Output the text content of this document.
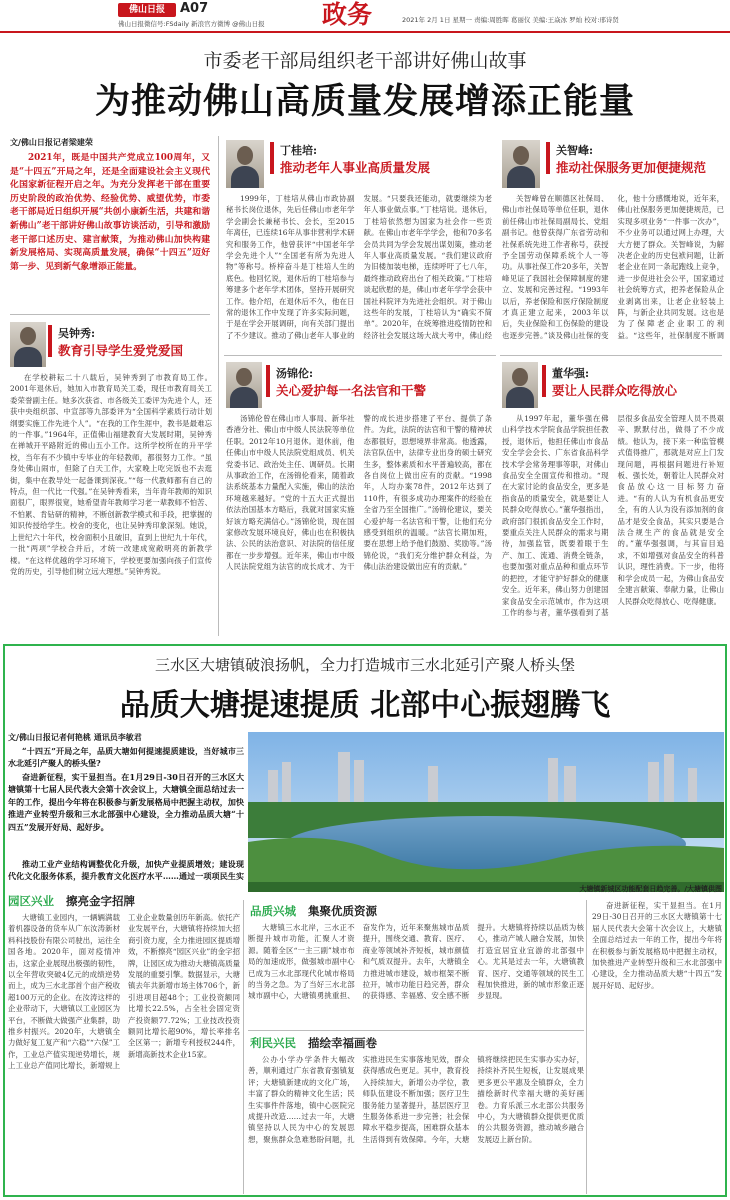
佛山日报	A07
佛山日报微信号:FSdaily 新浪官方微博 @佛山日报 政务	2021年 2月 1日 星期一 责编:周胜晖 葛丽仪 美编:王焱冰 罗灿 校对:邢诗贤
市委老干部局组织老干部讲好佛山故事
为推动佛山高质量发展增添正能量
文/佛山日报记者梁建荣
2021年，既是中国共产党成立100周年，又是“十四五”开局之年，还是全面建设社会主义现代化国家新征程开启之年。为充分发挥老干部在重要历史阶段的政治优势、经验优势、威望优势，市委老干部局近日组织开展“共创小康新生活，共建和谐新佛山”老干部讲好佛山故事访谈活动，引导和激励老干部口述历史、建言献策，为推动佛山加快构建新发展格局、实现高质量发展，确保“十四五”迈好第一步、见到新气象增添正能量。
吴钟秀:
教育引导学生爱党爱国
在学校耕耘二十八载后，吴钟秀到了市教育局工作。2001年退休后，她加入市教育局关工委，现任市教育局关工委荣誉副主任。她多次获省、市各级关工委评为先进个人，还获中央组织部、中宣部等九部委评为“全国科学素质行动计划纲要实施工作先进个人”。“在我的工作生涯中，教书是最难忘的一件事。”1964年，正值佛山福建教育大发展时期，吴钟秀在禅城开平路附近的佛山五小工作。这所学校所在的升平学校，当年有不少镇中专毕业的年轻教师，都很努力工作。“虽身处佛山闹市，但除了白天工作，大家晚上吃完饭也不去逛街，集中在教导处一起备课到深夜。”“每一代教师都有自己的特点，但一代比一代强。”在吴钟秀看来，当年青年教师的知识面很广，眼界很宽，她希望青年教师学习老一辈教师不怕苦、不怕累、肯钻研的精神，不断创新教学模式和手段，把掌握的知识传授给学生。校舍的变化，也让吴钟秀印象深刻。她说，上世纪六十年代，校舍面积小且破旧，直到上世纪九十年代，一批“两项”学校合并后，才统一改建成宽敞明亮的新教学楼。“在这样优越的学习环境下，学校更要加强向孩子们宣传党的历史，引导他们树立远大理想。”吴钟秀说。
丁桂培:
推动老年人事业高质量发展
1999年，丁桂培从佛山市政协副秘书长岗位退休，先后任佛山市老年学学会副会长兼秘书长、会长，至2015年离任，已连续16年从事非营利学术研究和服务工作，他曾获评“中国老年学学会先进个人”“全国老有所为先进人物”等称号。桥梓奋斗是丁桂培人生的底色。他回忆说，退休后的丁桂培参与筹建多个老年学术团体，坚持开展研究工作。他介绍，在退休后不久，他在日常的退休工作中发现了许多实际问题，于是在学会开展调研，向有关部门提出了不少建议。推动了佛山老年人事业的发展。“只要我还能动，就要继续为老年人事业做点事。”丁桂培说。退休后，丁桂培依然想为国家为社会作一些贡献。在佛山市老年学学会，他和70多名会员共同为学会发展出谋划策，推动老年人事业高质量发展。“我们建议政府为旧楼加装电梯，连续呼吁了七八年，最终推动政府出台了相关政策。”丁桂培谈起欣慰的是，佛山市老年学学会获中国社科院评为先进社会组织。对于佛山这些年的发展，丁桂培认为“确实不简单”。2020年，在统筹推进疫情防控和经济社会发展这场大战大考中，佛山经
关智峰:
推动社保服务更加便捷规范
关智峰曾在顺德区社保局、佛山市社保局等单位任职，退休前任佛山市社保局副局长、党组副书记。他曾获得广东省劳动和社保系统先进工作者称号，获授予全国劳动保障系统个人一等功。从事社保工作20多年，关智峰见证了我国社会保障制度的建立、发展和完善过程。“1993年以后，养老保险和医疗保险制度才真正建立起来，2003年以后，失业保险和工伤保险的建设也逐步完善。”谈及佛山社保的变化，他十分感慨地说，近年来，佛山社保服务更加便捷规范，已实现多项业务“一件事一次办”，不少业务可以通过网上办理，大大方便了群众。关智峰说，为解决老企业的历史包袱问题，让新老企业在同一条起跑线上竞争，进一步促进社会公平，国家通过社会统筹方式，把养老保险从企业剥离出来，让老企业轻装上阵，与新企业共同发展。这也是为了保障老企业职工的利益。“这些年，社保制度不断调
汤锦伦:
关心爱护每一名法官和干警
汤锦伦曾在佛山市人事局、新华社香港分社、佛山市中级人民法院等单位任职。2012年10月退休。退休前，他任佛山市中级人民法院党组成员、机关党委书记、政治处主任、调研员。长期从事政治工作，在汤锦伦看来，随着政法系统基本力量配入实施，佛山的法治环境越来越好。“党的十五大正式提出依法治国基本方略后，我就对国家实施好该方略充满信心。”汤锦伦说，现在国家修改发展环境良好，佛山也在积极执法、公民的法治意识、对法院的信任度都在一步步增强。近年来，佛山市中级人民法院党组为法官的成长成才、为干警的成长进步搭建了平台、提供了条件。为此，法院的法官和干警的精神状态都很好，思想境界非常高。他透露，法官队伍中，法律专业出身的硕士研究生多，整体素质和水平普遍较高，都在各自岗位上做出应有的贡献。“1998年，人均办案78件，2012年达到了110件，有很多成功办理案件的经验在全省乃至全国推广。”汤锦伦建议，要关心爱护每一名法官和干警，让他们充分感受到组织的温暖。“法官长期加班，要在思想上给予他们鼓励、奖励等。”汤锦伦说，“我们充分维护群众利益，为佛山法治建设做出应有的贡献。”
董华强:
要让人民群众吃得放心
从1997年起，董华强在佛山科学技术学院食品学院担任教授，退休后，他担任佛山市食品安全学会会长、广东省食品科学技术学会常务理事等职，对佛山食品安全全面宣传和推动。“现在大家讨论的食品安全，更多是指食品的质量安全，就是要让人民群众吃得放心。”董华强指出，政府部门很抓食品安全工作时，要重点关注人民群众的需求与期待，加强监管，既要着眼于生产、加工、流通、消费全链条，也要加强对重点品种和重点环节的把控，才能守护好群众的健康安全。近年来，佛山努力创建国家食品安全示范城市，作为这项工作的参与者，董华强看到了基层很多食品安全管理人员不畏艰辛、默默付出，做得了不少成绩。他认为，接下来一种监管模式值得推广，那就是对应上门发现问题，再根据问题进行补短板、强长处，朝着让人民群众对食品放心这一目标努力奋进。“有的人认为有机食品更安全，有的人认为没有添加剂的食品才是安全食品，其实只要是合法合规生产的食品就是安全的。”董华强强调，与其盲目追求，不如增强对食品安全的科普认识，理性消费。下一步，他将和学会成员一起，为佛山食品安全建言献策、奉献力量，让佛山人民群众吃得放心、吃得健康。
三水区大塘镇破浪扬帆，全力打造城市三水北延引产聚人桥头堡
品质大塘提速提质 北部中心振翅腾飞
文/佛山日报记者何艳桃 通讯员李敏君
“十四五”开局之年，品质大塘如何提速提质建设，当好城市三水北延引产聚人的桥头堡?
奋进新征程，实干显担当。在1月29日-30日召开的三水区大塘镇第十七届人民代表大会第十次会议上，大塘镇全面总结过去一年的工作，提出今年将在积极参与新发展格局中把握主动权，加快推进产业转型升级和三水北部强中心建设，全力推动品质大塘“十四五”发展开好局、起好步。
推动工业产业结构调整优化升级，加快产业提质增效；建设现代化文化服务体系，提升教育文化医疗水平……通过一项项民生实
大塘镇新城区功能配套日趋完善。/大塘镇供图
园区兴业 擦亮金字招牌
大塘镇工业园内，一辆辆满载着机器设备的货车从广东汝涛新材料科技股份有限公司驶出，运往全国各地。2020年，面对疫情冲击，这家企业展现出极强的韧性，以全年营收突破4亿元的成绩逆势而上，成为三水北部首个亩产税收超100万元的企业。在汝涛这样的企业带动下，大塘镇以工业园区为平台，不断做大做强产业集群，助推乡村振兴。2020年，大塘镇全力做好复工复产和“六稳”“六保”工作，工业总产值实现逆势增长，规上工业总产值同比增长，新增规上工业企业数量创历年新高。依托产业发展平台，大塘镇将持续加大招商引资力度，全力推进园区提质增效，不断擦亮“园区兴业”的金字招牌，让园区成为推动大塘镇高质量发展的重要引擎。数据显示，大塘镇去年共新增市场主体706个，新引进项目超48个；工业投资额同比增长22.5%，占全社会固定资产投资额77.72%；工业技改投资额同比增长超90%，增长率排名全区第一；新增专利授权244件，新增高新技术企业15家。
品质兴城 集聚优质资源
大塘镇三水北岸，三水正不断提升城市功能，汇聚人才资源。随着全区“一主三副”城市布局的加速成形，做强城市副中心已成为三水北部现代化城市格局的当务之急。为了当好三水北部城市副中心，大塘镇勇挑重担、奋发作为，近年来聚焦城市品质提升，围绕交通、教育、医疗、商业等领域补齐短板，城市颜值和气质双提升。去年，大塘镇全力推进城市建设，城市框架不断拉开，城市功能日趋完善，群众的获得感、幸福感、安全感不断提升。大塘镇将持续以品质为核心，推动产城人融合发展，加快打造宜居宜业宜游的北部强中心。尤其是过去一年，大塘镇教育、医疗、交通等领域的民生工程加快推进，新的城市形象正逐步显现。
利民兴民 描绘幸福画卷
公办小学办学条件大幅改善，顺利通过广东省教育强镇复评；大塘镇新建成的文化广场，丰富了群众的精神文化生活；民生实事件件落地，镇中心医院完成提升改造……过去一年，大塘镇坚持以人民为中心的发展思想，聚焦群众急难愁盼问题，扎实推进民生实事落地见效，群众获得感成色更足。其中，教育投入持续加大，新增公办学位，教师队伍建设不断加强；医疗卫生服务能力显著提升，基层医疗卫生服务体系进一步完善；社会保障水平稳步提高，困难群众基本生活得到有效保障。今年，大塘镇将继续把民生实事办实办好，持续补齐民生短板，让发展成果更多更公平惠及全镇群众，全力描绘新时代幸福大塘的美好画卷。力育乐派三水北部公共服务中心，为大塘镇群众提供更优质的公共服务资源，推动城乡融合发展迈上新台阶。
奋进新征程，实干显担当。在1月29日-30日召开的三水区大塘镇第十七届人民代表大会第十次会议上，大塘镇全面总结过去一年的工作，提出今年将在积极参与新发展格局中把握主动权，加快推进产业转型升级和三水北部强中心建设，全力推动品质大塘“十四五”发展开好局、起好步。
